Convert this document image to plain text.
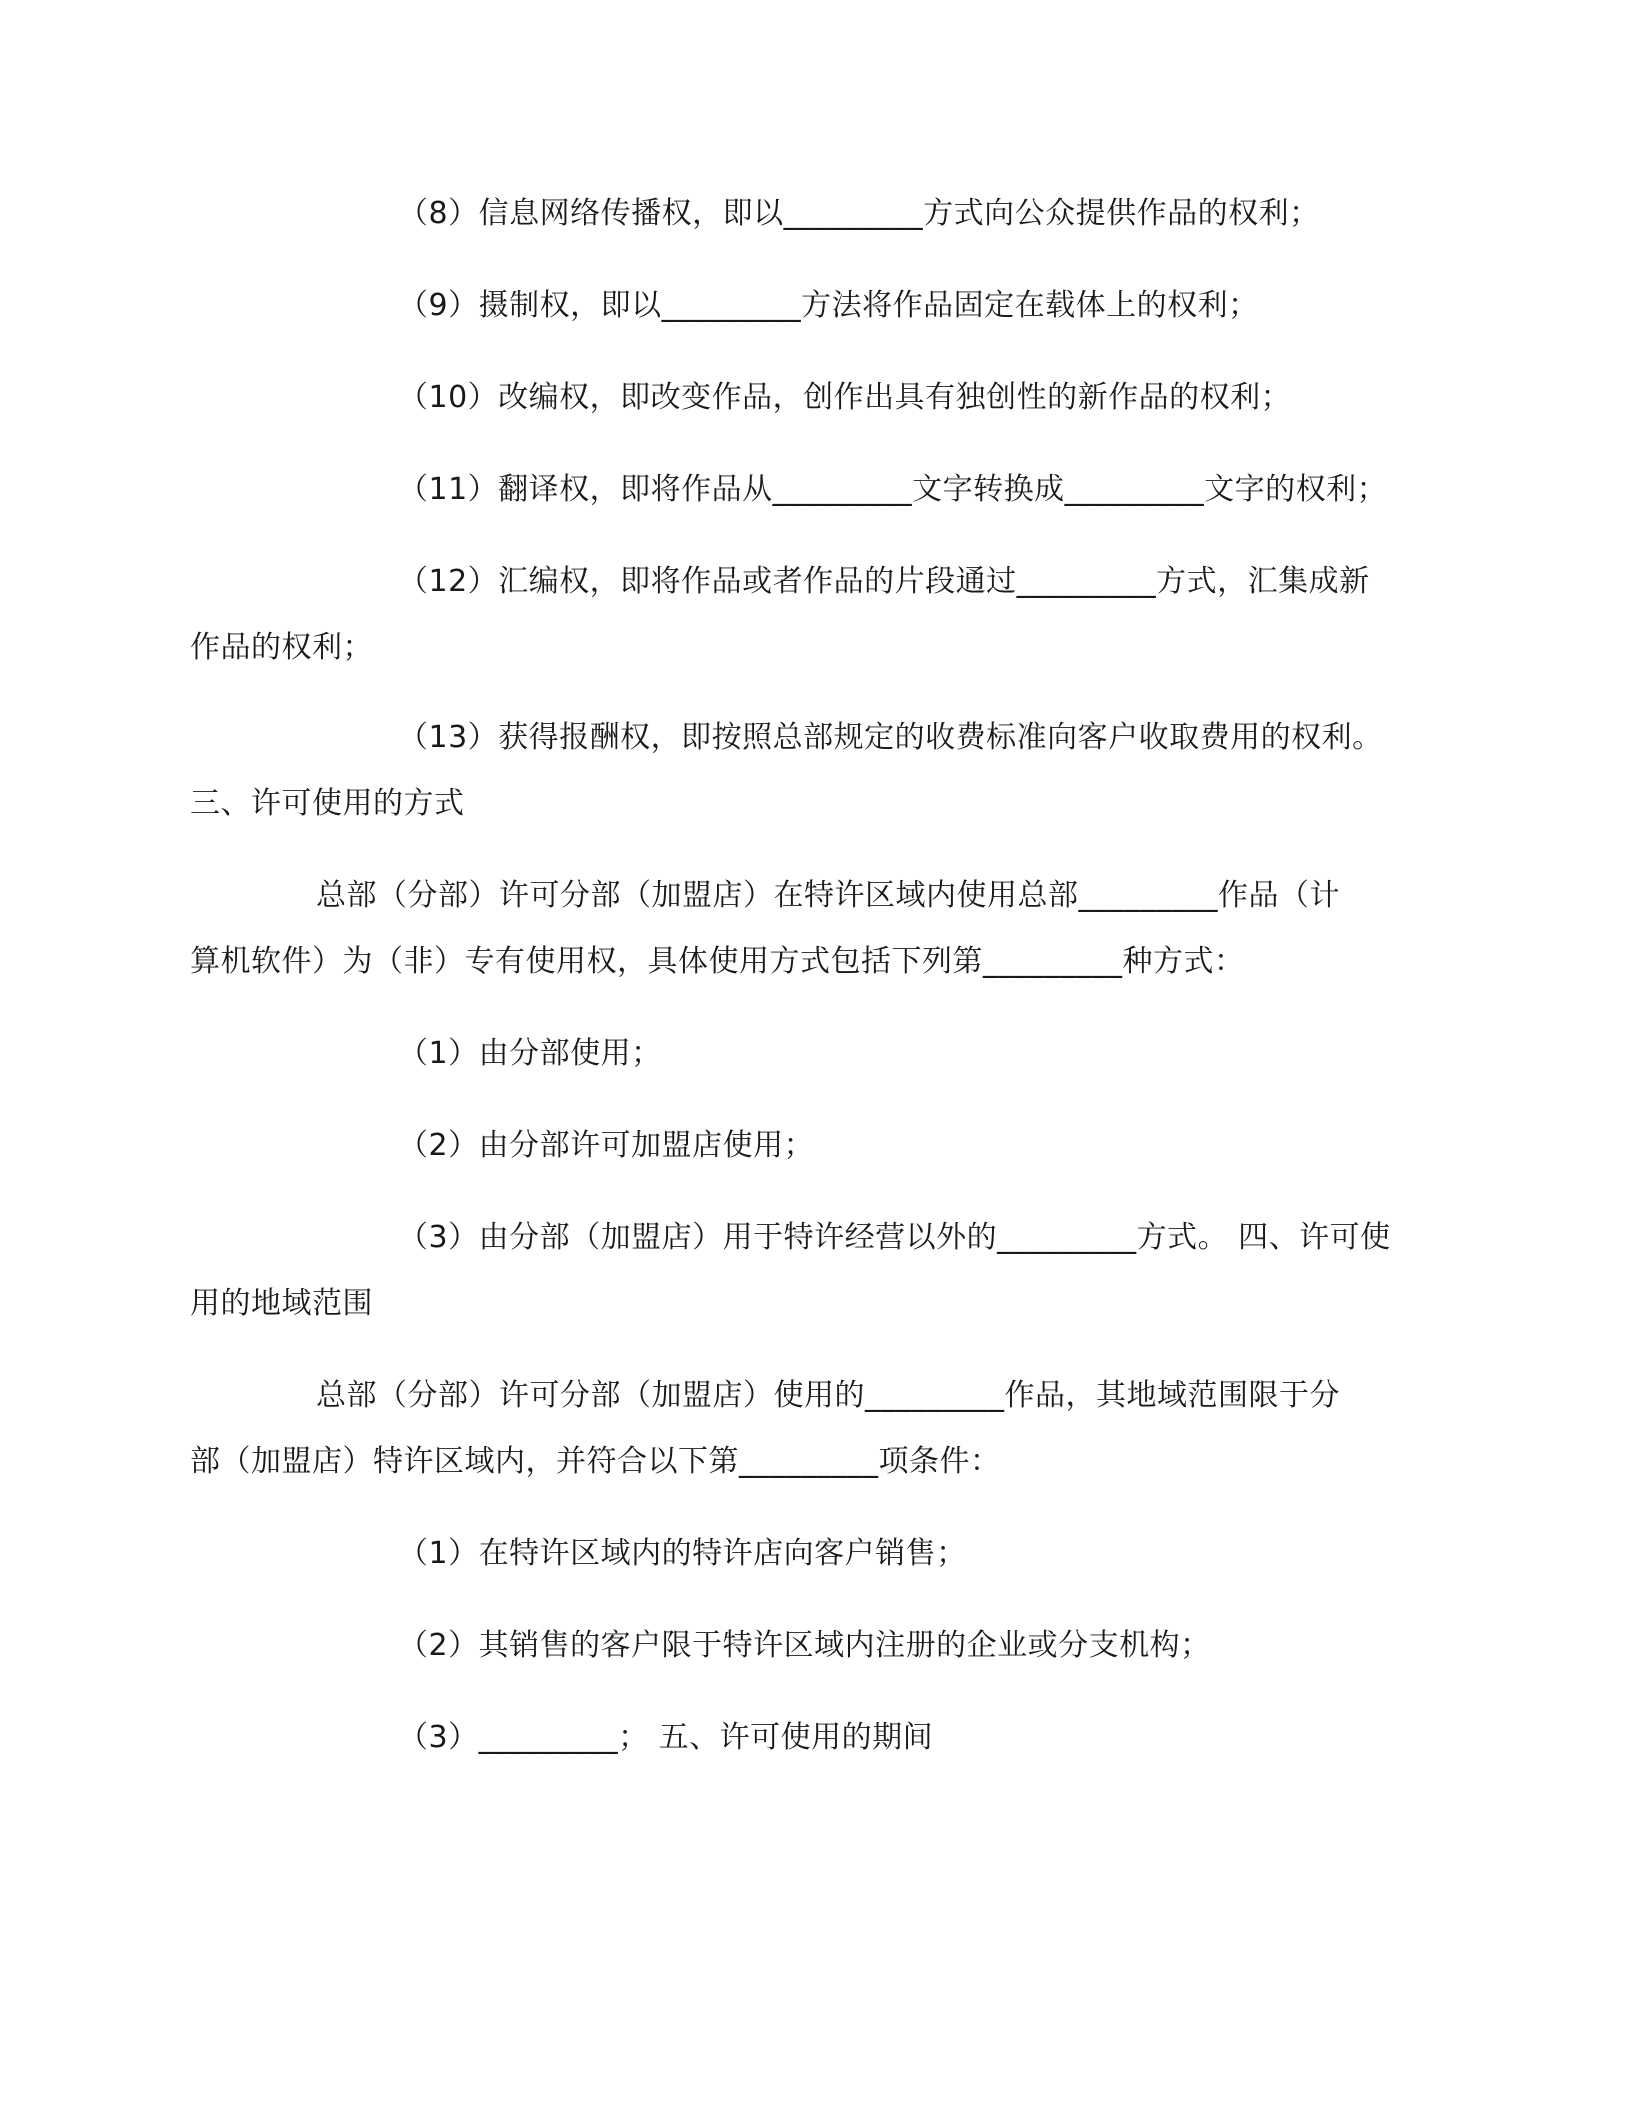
（8）信息网络传播权，即以_________方式向公众提供作品的权利；
（9）摄制权，即以_________方法将作品固定在载体上的权利；
（10）改编权，即改变作品，创作出具有独创性的新作品的权利；
（11）翻译权，即将作品从_________文字转换成_________文字的权利；
（12）汇编权，即将作品或者作品的片段通过_________方式，汇集成新
作品的权利；
（13）获得报酬权，即按照总部规定的收费标准向客户收取费用的权利。
三、许可使用的方式
总部（分部）许可分部（加盟店）在特许区域内使用总部_________作品（计
算机软件）为（非）专有使用权，具体使用方式包括下列第_________种方式：
（1）由分部使用；
（2）由分部许可加盟店使用；
（3）由分部（加盟店）用于特许经营以外的_________方式。 四、许可使
用的地域范围
总部（分部）许可分部（加盟店）使用的_________作品，其地域范围限于分
部（加盟店）特许区域内，并符合以下第_________项条件：
（1）在特许区域内的特许店向客户销售；
（2）其销售的客户限于特许区域内注册的企业或分支机构；
（3）_________； 五、许可使用的期间
